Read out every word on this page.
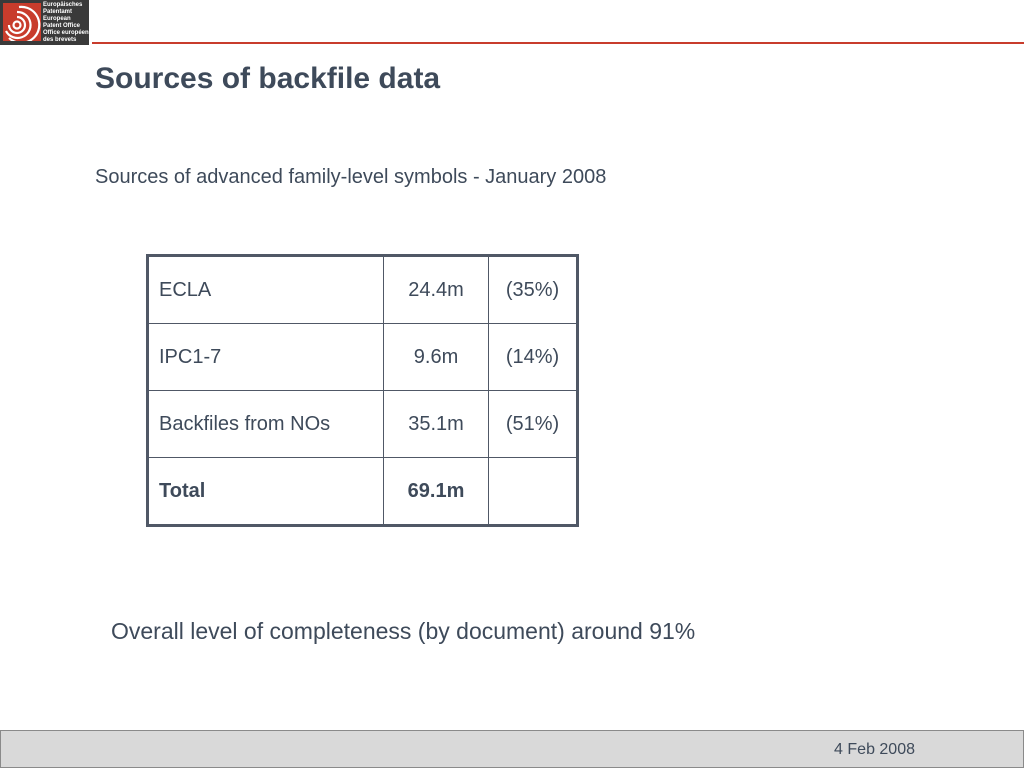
Europäisches
Patentamt
European
Patent Office
Office européen
des brevets
Sources of backfile data

Sources of advanced family-level symbols - January 2008

ECLA	24.4m	(35%)
IPC1-7	9.6m	(14%)
Backfiles from NOs	35.1m	(51%)
Total	69.1m	

Overall level of completeness (by document) around 91%

4 Feb 2008
